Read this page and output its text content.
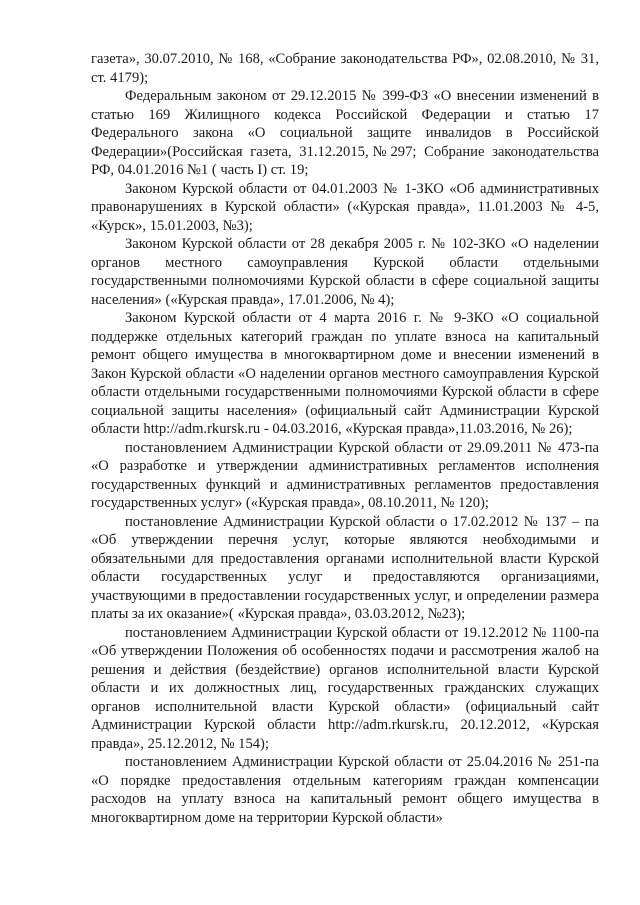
газета», 30.07.2010, № 168, «Собрание законодательства РФ», 02.08.2010, № 31, ст. 4179);

Федеральным законом от 29.12.2015 № 399-ФЗ «О внесении изменений в статью 169 Жилищного кодекса Российской Федерации и статью 17 Федерального закона «О социальной защите инвалидов в Российской Федерации»(Российская газета, 31.12.2015,№297; Собрание законодательства РФ, 04.01.2016 №1 ( часть I) ст. 19;

Законом Курской области от 04.01.2003 № 1-ЗКО «Об административных правонарушениях в Курской области» («Курская правда», 11.01.2003 № 4-5, «Курск», 15.01.2003, №3);

Законом Курской области от 28 декабря 2005 г. № 102-ЗКО «О наделении органов местного самоуправления Курской области отдельными государственными полномочиями Курской области в сфере социальной защиты населения» («Курская правда», 17.01.2006, № 4);

Законом Курской области от 4 марта 2016 г. № 9-ЗКО «О социальной поддержке отдельных категорий граждан по уплате взноса на капитальный ремонт общего имущества в многоквартирном доме и внесении изменений в Закон Курской области «О наделении органов местного самоуправления Курской области отдельными государственными полномочиями Курской области в сфере социальной защиты населения» (официальный сайт Администрации Курской области http://adm.rkursk.ru - 04.03.2016, «Курская правда»,11.03.2016, № 26);

постановлением Администрации Курской области от 29.09.2011 № 473-па «О разработке и утверждении административных регламентов исполнения государственных функций и административных регламентов предоставления государственных услуг» («Курская правда», 08.10.2011, № 120);

постановление Администрации Курской области о 17.02.2012 № 137 – па «Об утверждении перечня услуг, которые являются необходимыми и обязательными для предоставления органами исполнительной власти Курской области государственных услуг и предоставляются организациями, участвующими в предоставлении государственных услуг, и определении размера платы за их оказание»( «Курская правда», 03.03.2012, №23);

постановлением Администрации Курской области от 19.12.2012 № 1100-па «Об утверждении Положения об особенностях подачи и рассмотрения жалоб на решения и действия (бездействие) органов исполнительной власти Курской области и их должностных лиц, государственных гражданских служащих органов исполнительной власти Курской области» (официальный сайт Администрации Курской области http://adm.rkursk.ru, 20.12.2012, «Курская правда», 25.12.2012, № 154);

постановлением Администрации Курской области от 25.04.2016 № 251-па «О порядке предоставления отдельным категориям граждан компенсации расходов на уплату взноса на капитальный ремонт общего имущества в многоквартирном доме на территории Курской области»
